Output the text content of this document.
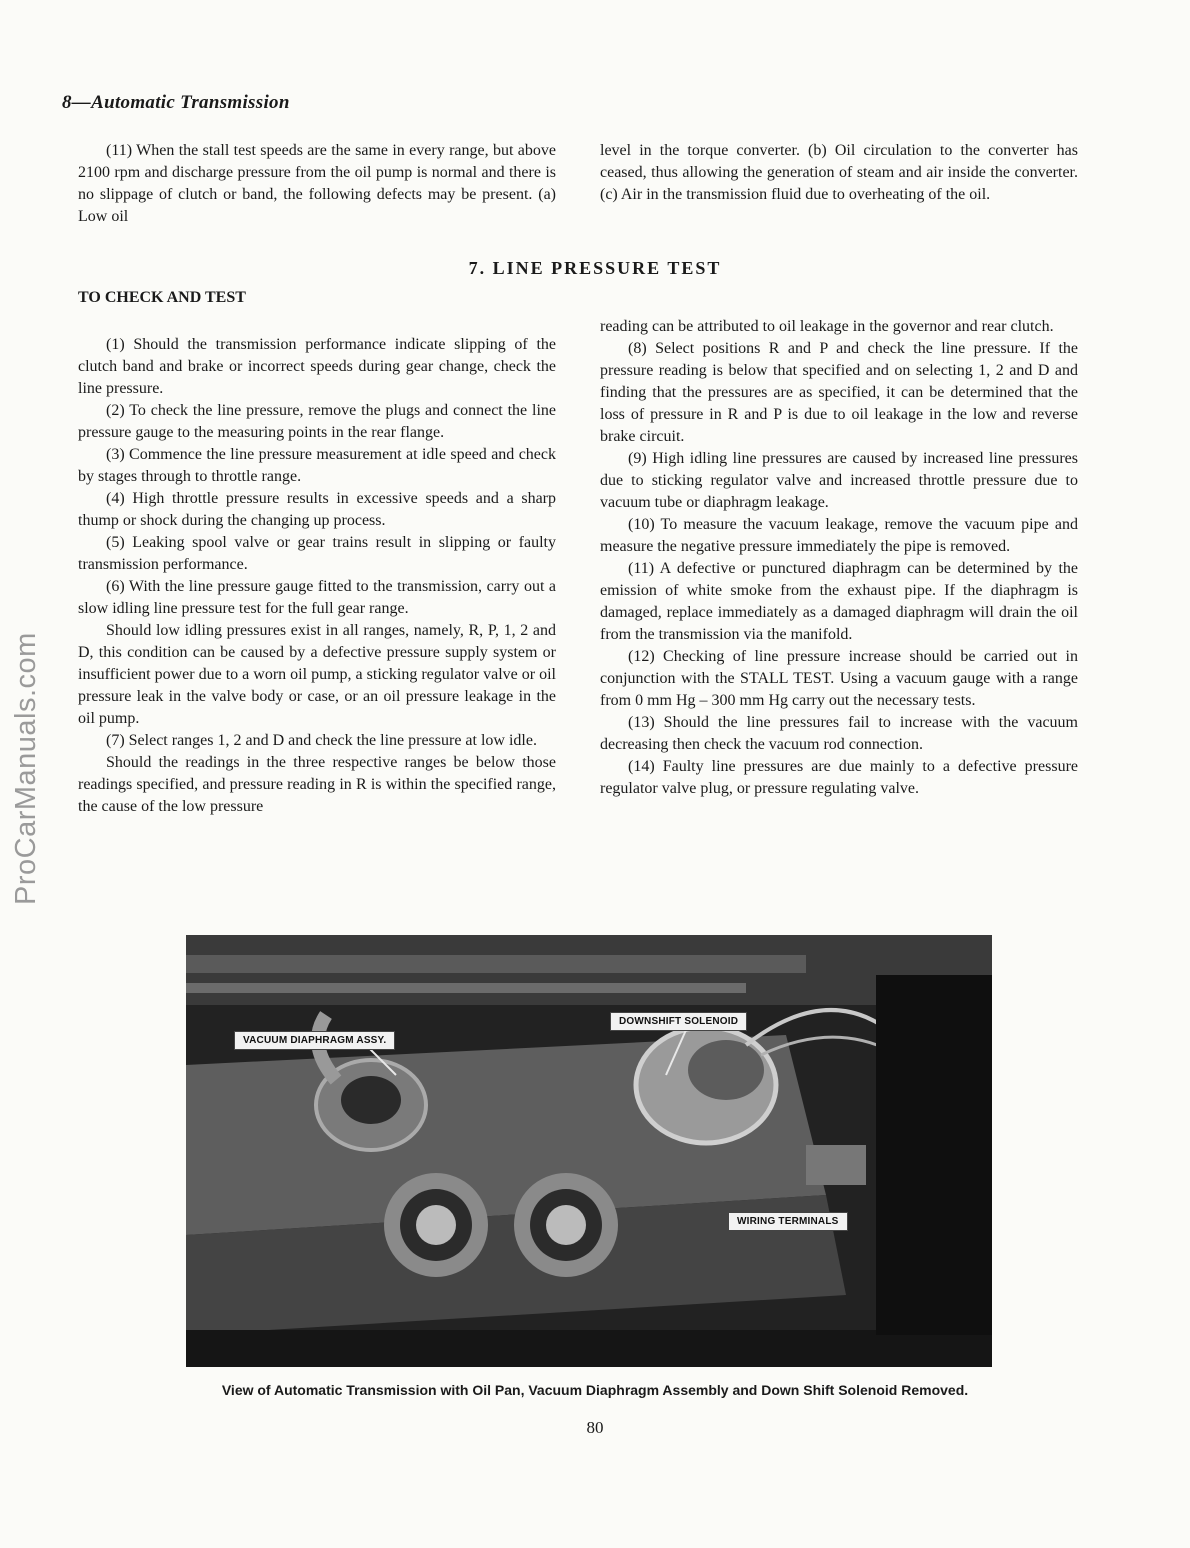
8—Automatic Transmission

(11) When the stall test speeds are the same in every range, but above 2100 rpm and discharge pressure from the oil pump is normal and there is no slippage of clutch or band, the following defects may be present. (a) Low oil

level in the torque converter. (b) Oil circulation to the converter has ceased, thus allowing the generation of steam and air inside the converter. (c) Air in the transmission fluid due to overheating of the oil.

7. LINE PRESSURE TEST
TO CHECK AND TEST

(1) Should the transmission performance indicate slipping of the clutch band and brake or incorrect speeds during gear change, check the line pressure.

(2) To check the line pressure, remove the plugs and connect the line pressure gauge to the measuring points in the rear flange.

(3) Commence the line pressure measurement at idle speed and check by stages through to throttle range.

(4) High throttle pressure results in excessive speeds and a sharp thump or shock during the changing up process.

(5) Leaking spool valve or gear trains result in slipping or faulty transmission performance.

(6) With the line pressure gauge fitted to the transmission, carry out a slow idling line pressure test for the full gear range.

Should low idling pressures exist in all ranges, namely, R, P, 1, 2 and D, this condition can be caused by a defective pressure supply system or insufficient power due to a worn oil pump, a sticking regulator valve or oil pressure leak in the valve body or case, or an oil pressure leakage in the oil pump.

(7) Select ranges 1, 2 and D and check the line pressure at low idle.

Should the readings in the three respective ranges be below those readings specified, and pressure reading in R is within the specified range, the cause of the low pressure

reading can be attributed to oil leakage in the governor and rear clutch.

(8) Select positions R and P and check the line pressure. If the pressure reading is below that specified and on selecting 1, 2 and D and finding that the pressures are as specified, it can be determined that the loss of pressure in R and P is due to oil leakage in the low and reverse brake circuit.

(9) High idling line pressures are caused by increased line pressures due to sticking regulator valve and increased throttle pressure due to vacuum tube or diaphragm leakage.

(10) To measure the vacuum leakage, remove the vacuum pipe and measure the negative pressure immediately the pipe is removed.

(11) A defective or punctured diaphragm can be determined by the emission of white smoke from the exhaust pipe. If the diaphragm is damaged, replace immediately as a damaged diaphragm will drain the oil from the transmission via the manifold.

(12) Checking of line pressure increase should be carried out in conjunction with the STALL TEST. Using a vacuum gauge with a range from 0 mm Hg – 300 mm Hg carry out the necessary tests.

(13) Should the line pressures fail to increase with the vacuum decreasing then check the vacuum rod connection.

(14) Faulty line pressures are due mainly to a defective pressure regulator valve plug, or pressure regulating valve.

ProCarManuals.com
VACUUM DIAPHRAGM ASSY.
DOWNSHIFT SOLENOID
WIRING TERMINALS
View of Automatic Transmission with Oil Pan, Vacuum Diaphragm Assembly and Down Shift Solenoid Removed.
80
